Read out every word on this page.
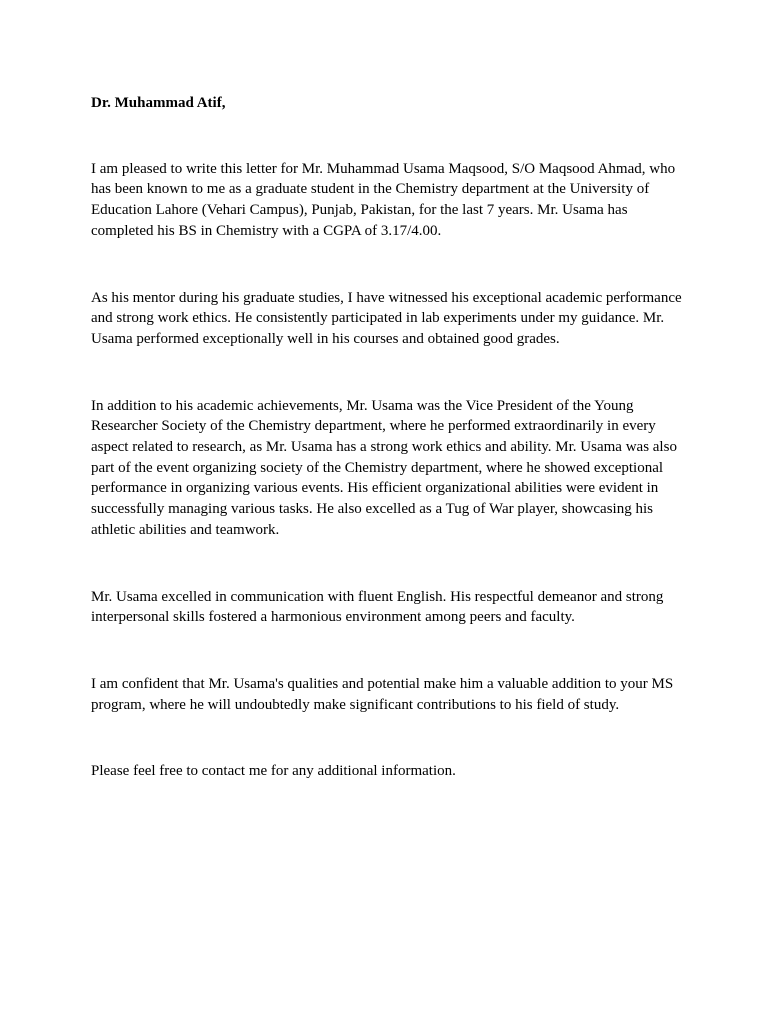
Dr. Muhammad Atif,

I am pleased to write this letter for Mr. Muhammad Usama Maqsood, S/O Maqsood Ahmad, who has been known to me as a graduate student in the Chemistry department at the University of Education Lahore (Vehari Campus), Punjab, Pakistan, for the last 7 years. Mr. Usama has completed his BS in Chemistry with a CGPA of 3.17/4.00.

As his mentor during his graduate studies, I have witnessed his exceptional academic performance and strong work ethics. He consistently participated in lab experiments under my guidance. Mr. Usama performed exceptionally well in his courses and obtained good grades.

In addition to his academic achievements, Mr. Usama was the Vice President of the Young Researcher Society of the Chemistry department, where he performed extraordinarily in every aspect related to research, as Mr. Usama has a strong work ethics and ability. Mr. Usama was also part of the event organizing society of the Chemistry department, where he showed exceptional performance in organizing various events. His efficient organizational abilities were evident in successfully managing various tasks. He also excelled as a Tug of War player, showcasing his athletic abilities and teamwork.

Mr. Usama excelled in communication with fluent English. His respectful demeanor and strong interpersonal skills fostered a harmonious environment among peers and faculty.

I am confident that Mr. Usama's qualities and potential make him a valuable addition to your MS program, where he will undoubtedly make significant contributions to his field of study.

Please feel free to contact me for any additional information.
